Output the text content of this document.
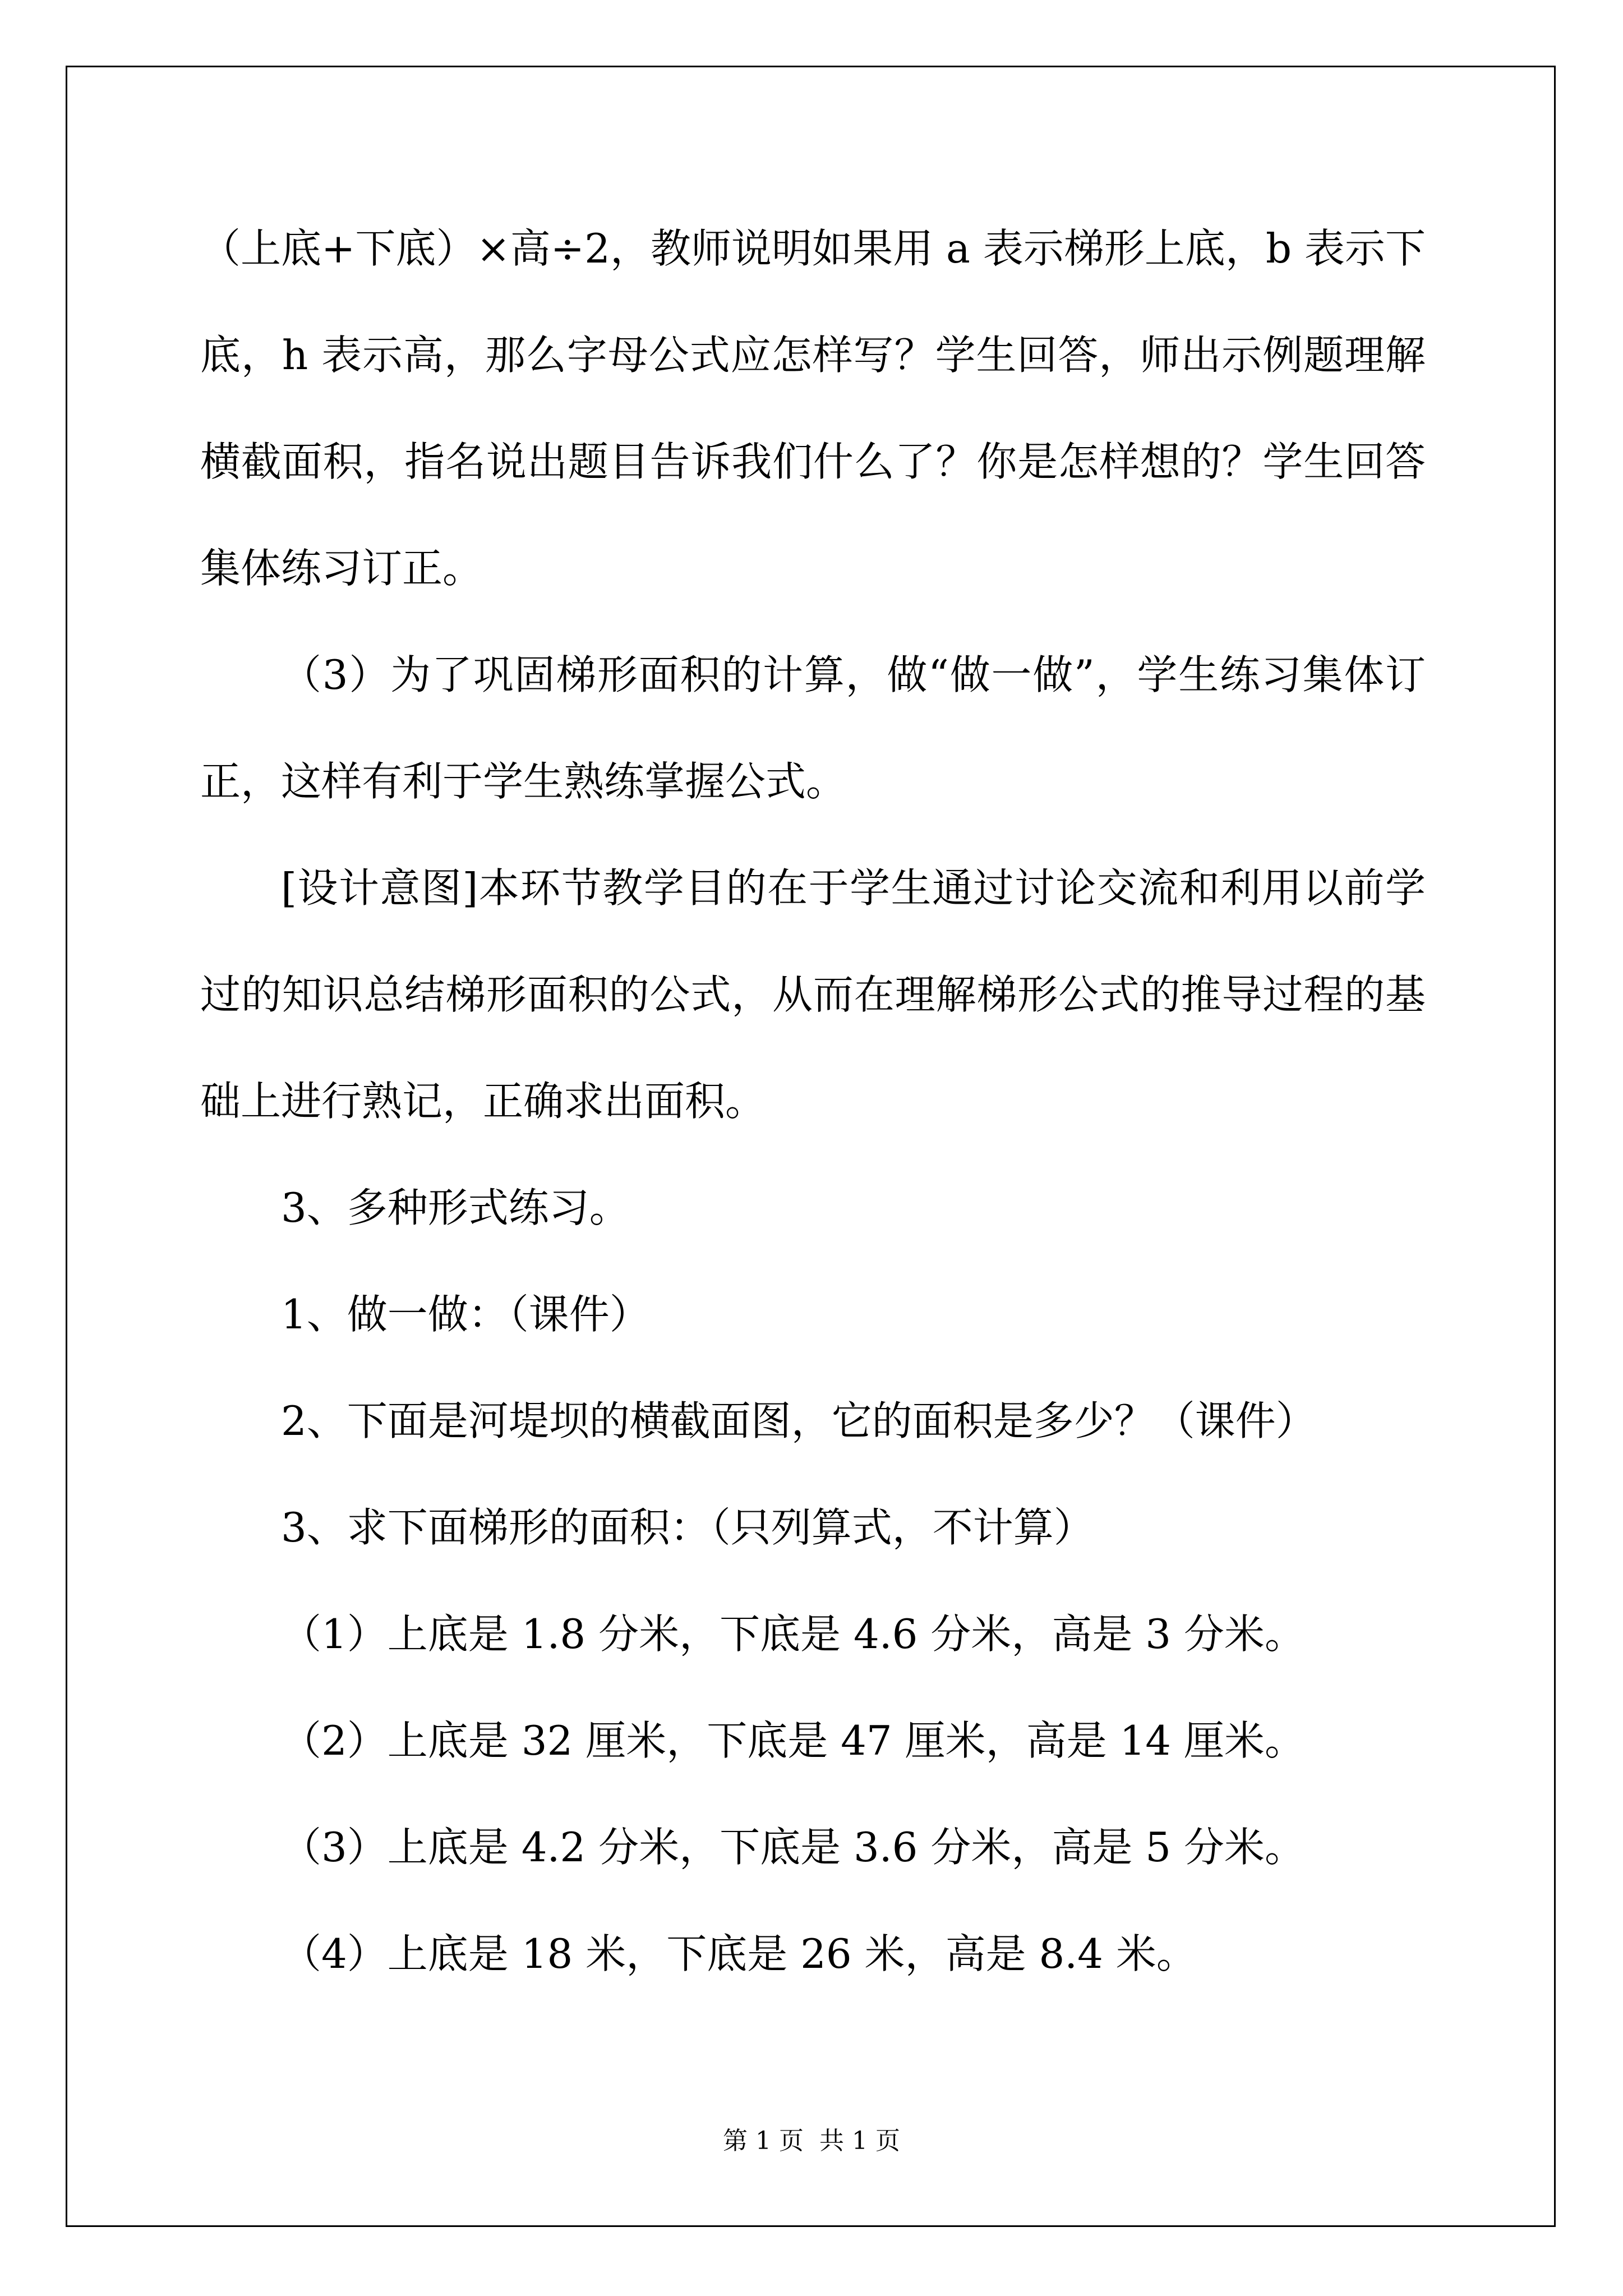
（上底+下底）×高÷2，教师说明如果用 a 表示梯形上底，b 表示下
底，h 表示高，那么字母公式应怎样写？学生回答，师出示例题理解
横截面积，指名说出题目告诉我们什么了？你是怎样想的？学生回答
集体练习订正。
（3）为了巩固梯形面积的计算，做“做一做”，学生练习集体订
正，这样有利于学生熟练掌握公式。
[设计意图]本环节教学目的在于学生通过讨论交流和利用以前学
过的知识总结梯形面积的公式，从而在理解梯形公式的推导过程的基
础上进行熟记，正确求出面积。
3、多种形式练习。
1、做一做：（课件）
2、下面是河堤坝的横截面图，它的面积是多少？（课件）
3、求下面梯形的面积：（只列算式，不计算）
（1）上底是 1.8 分米，下底是 4.6 分米，高是 3 分米。
（2）上底是 32 厘米，下底是 47 厘米，高是 14 厘米。
（3）上底是 4.2 分米，下底是 3.6 分米，高是 5 分米。
（4）上底是 18 米，下底是 26 米，高是 8.4 米。
第 1 页  共 1 页
